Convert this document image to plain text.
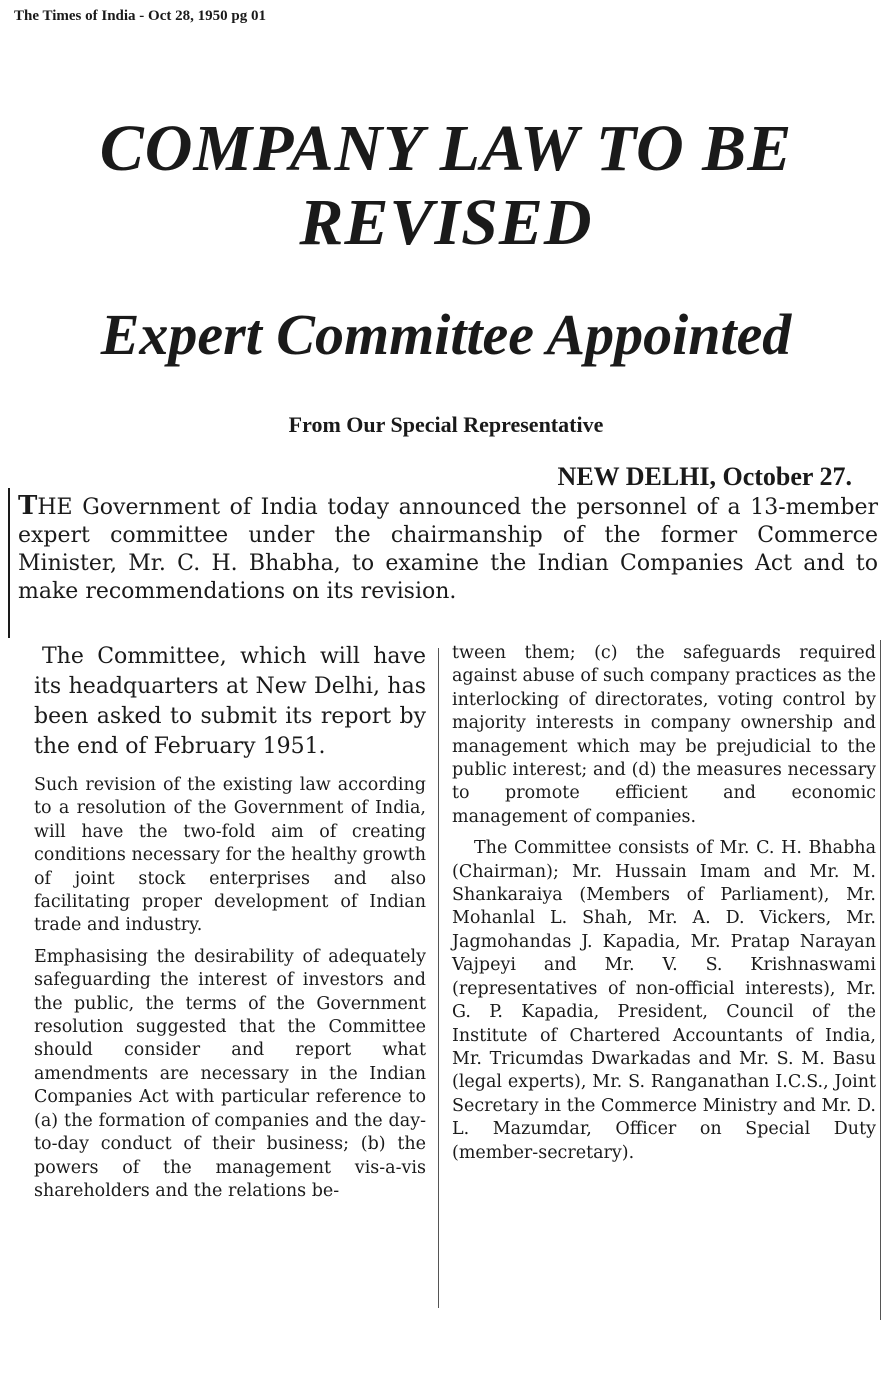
The Times of India - Oct 28, 1950 pg 01
COMPANY LAW TO BE
REVISED
Expert Committee Appointed
From Our Special Representative
NEW DELHI, October 27.

THE Government of India today announced the personnel of a 13-member expert committee under the chairmanship of the former Commerce Minister, Mr. C. H. Bhabha, to examine the Indian Companies Act and to make recommendations on its revision.

The Committee, which will have its headquarters at New Delhi, has been asked to submit its report by the end of February 1951.

Such revision of the existing law according to a resolution of the Government of India, will have the two-fold aim of creating conditions necessary for the healthy growth of joint stock enterprises and also facilitating proper development of Indian trade and industry.

Emphasising the desirability of adequately safeguarding the interest of investors and the public, the terms of the Government resolution suggested that the Committee should consider and report what amendments are necessary in the Indian Companies Act with particular reference to (a) the formation of companies and the day-to-day conduct of their business; (b) the powers of the management vis-a-vis shareholders and the relations be-

tween them; (c) the safeguards required against abuse of such company practices as the interlocking of directorates, voting control by majority interests in company ownership and management which may be prejudicial to the public interest; and (d) the measures necessary to promote efficient and economic management of companies.

The Committee consists of Mr. C. H. Bhabha (Chairman); Mr. Hussain Imam and Mr. M. Shankaraiya (Members of Parliament), Mr. Mohanlal L. Shah, Mr. A. D. Vickers, Mr. Jagmohandas J. Kapadia, Mr. Pratap Narayan Vajpeyi and Mr. V. S. Krishnaswami (representatives of non-official interests), Mr. G. P. Kapadia, President, Council of the Institute of Chartered Accountants of India, Mr. Tricumdas Dwarkadas and Mr. S. M. Basu (legal experts), Mr. S. Ranganathan I.C.S., Joint Secretary in the Commerce Ministry and Mr. D. L. Mazumdar, Officer on Special Duty (member-secretary).
